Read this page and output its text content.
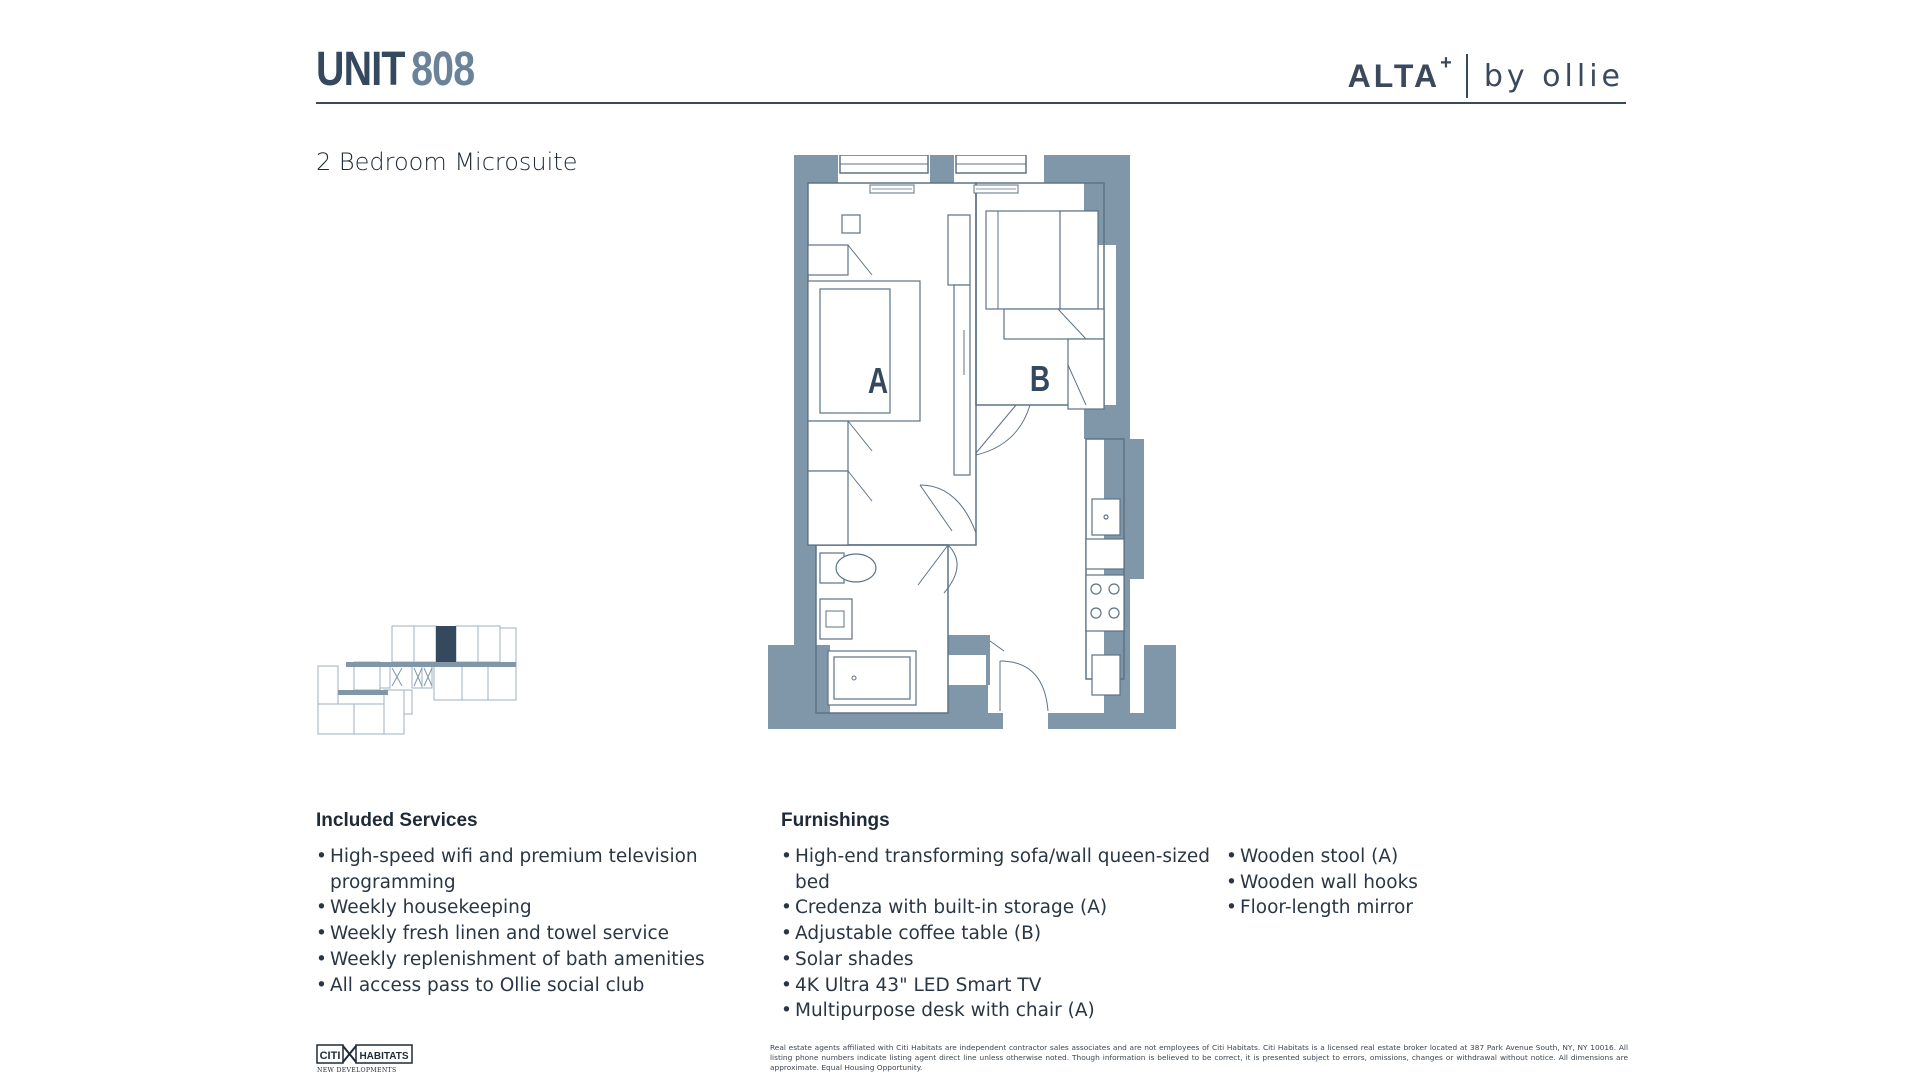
UNIT 808	ALTA+ by ollie
2 Bedroom Microsuite
A	B
Included Services
• High-speed wifi and premium television programming
• Weekly housekeeping
• Weekly fresh linen and towel service
• Weekly replenishment of bath amenities
• All access pass to Ollie social club
Furnishings
• High-end transforming sofa/wall queen-sized bed
• Credenza with built-in storage (A)
• Adjustable coffee table (B)
• Solar shades
• 4K Ultra 43" LED Smart TV
• Multipurpose desk with chair (A)
• Wooden stool (A)
• Wooden wall hooks
• Floor-length mirror
CITI HABITATS
NEW DEVELOPMENTS
Real estate agents affiliated with Citi Habitats are independent contractor sales associates and are not employees of Citi Habitats. Citi Habitats is a licensed real estate broker located at 387 Park Avenue South, NY, NY 10016. All listing phone numbers indicate listing agent direct line unless otherwise noted. Though information is believed to be correct, it is presented subject to errors, omissions, changes or withdrawal without notice. All dimensions are approximate. Equal Housing Opportunity.
